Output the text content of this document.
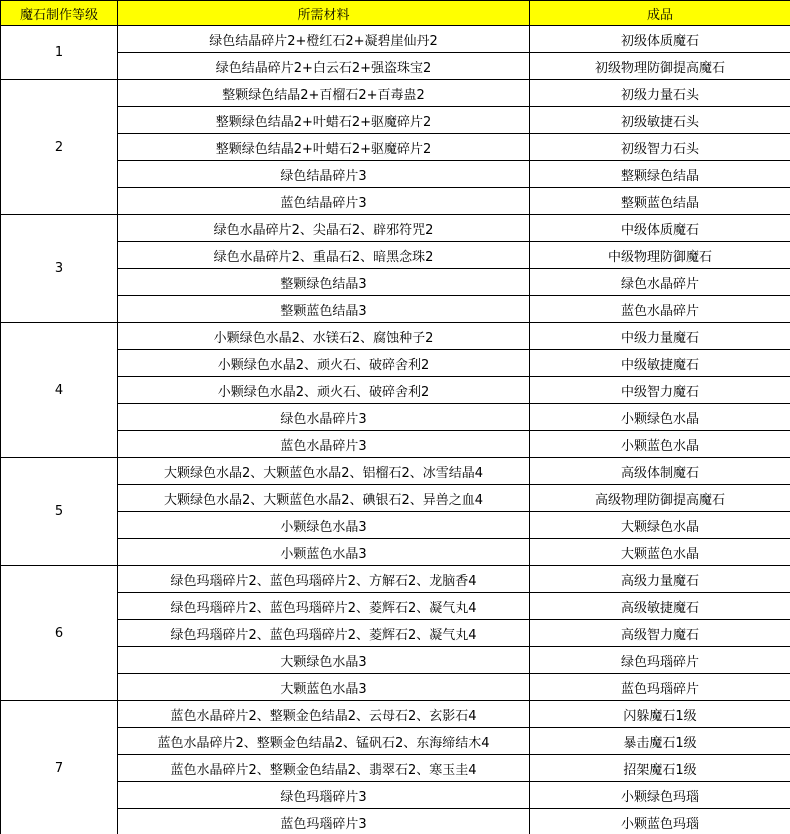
魔石制作等级	所需材料	成品
1	绿色结晶碎片2+橙红石2+凝碧崖仙丹2	初级体质魔石
	绿色结晶碎片2+白云石2+强盗珠宝2	初级物理防御提高魔石
2	整颗绿色结晶2+百榴石2+百毒蛊2	初级力量石头
	整颗绿色结晶2+叶蜡石2+驱魔碎片2	初级敏捷石头
	整颗绿色结晶2+叶蜡石2+驱魔碎片2	初级智力石头
	绿色结晶碎片3	整颗绿色结晶
	蓝色结晶碎片3	整颗蓝色结晶
3	绿色水晶碎片2、尖晶石2、辟邪符咒2	中级体质魔石
	绿色水晶碎片2、重晶石2、暗黑念珠2	中级物理防御魔石
	整颗绿色结晶3	绿色水晶碎片
	整颗蓝色结晶3	蓝色水晶碎片
4	小颗绿色水晶2、水镁石2、腐蚀种子2	中级力量魔石
	小颗绿色水晶2、顽火石、破碎舍利2	中级敏捷魔石
	小颗绿色水晶2、顽火石、破碎舍利2	中级智力魔石
	绿色水晶碎片3	小颗绿色水晶
	蓝色水晶碎片3	小颗蓝色水晶
5	大颗绿色水晶2、大颗蓝色水晶2、铝榴石2、冰雪结晶4	高级体制魔石
	大颗绿色水晶2、大颗蓝色水晶2、碘银石2、异兽之血4	高级物理防御提高魔石
	小颗绿色水晶3	大颗绿色水晶
	小颗蓝色水晶3	大颗蓝色水晶
6	绿色玛瑙碎片2、蓝色玛瑙碎片2、方解石2、龙脑香4	高级力量魔石
	绿色玛瑙碎片2、蓝色玛瑙碎片2、菱辉石2、凝气丸4	高级敏捷魔石
	绿色玛瑙碎片2、蓝色玛瑙碎片2、菱辉石2、凝气丸4	高级智力魔石
	大颗绿色水晶3	绿色玛瑙碎片
	大颗蓝色水晶3	蓝色玛瑙碎片
7	蓝色水晶碎片2、整颗金色结晶2、云母石2、玄影石4	闪躲魔石1级
	蓝色水晶碎片2、整颗金色结晶2、锰矾石2、东海缔结木4	暴击魔石1级
	蓝色水晶碎片2、整颗金色结晶2、翡翠石2、寒玉圭4	招架魔石1级
	绿色玛瑙碎片3	小颗绿色玛瑙
	蓝色玛瑙碎片3	小颗蓝色玛瑙
